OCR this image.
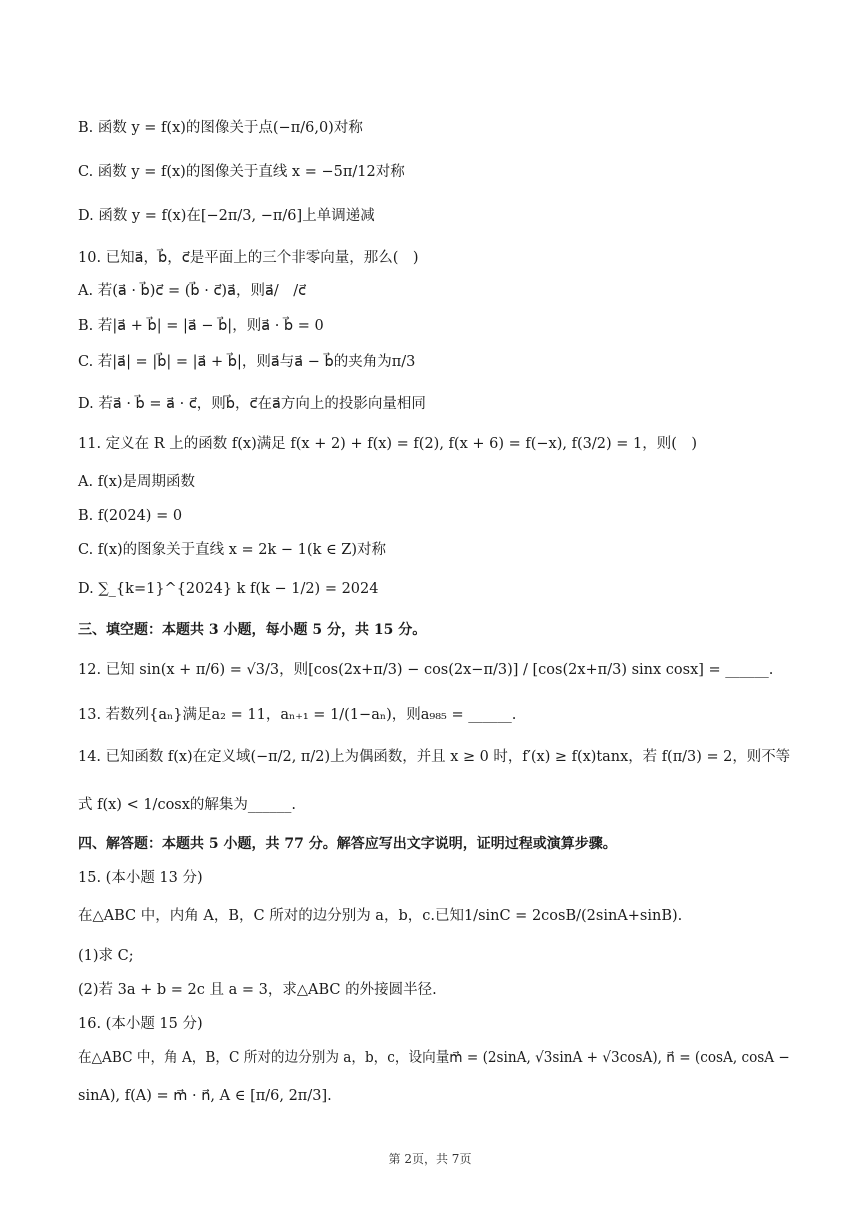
B. 函数 y = f(x)的图像关于点(−π/6,0)对称
C. 函数 y = f(x)的图像关于直线 x = −5π/12对称
D. 函数 y = f(x)在[−2π/3, −π/6]上单调递减
10. 已知a⃗，b⃗，c⃗是平面上的三个非零向量，那么(　)
A. 若(a⃗ · b⃗)c⃗ = (b⃗ · c⃗)a⃗，则a⃗/　/c⃗
B. 若|a⃗ + b⃗| = |a⃗ − b⃗|，则a⃗ · b⃗ = 0
C. 若|a⃗| = |b⃗| = |a⃗ + b⃗|，则a⃗与a⃗ − b⃗的夹角为π/3
D. 若a⃗ · b⃗ = a⃗ · c⃗，则b⃗，c⃗在a⃗方向上的投影向量相同
11. 定义在 R 上的函数 f(x)满足 f(x + 2) + f(x) = f(2), f(x + 6) = f(−x), f(3/2) = 1，则(　)
A. f(x)是周期函数
B. f(2024) = 0
C. f(x)的图象关于直线 x = 2k − 1(k ∈ Z)对称
D. ∑_{k=1}^{2024} k f(k − 1/2) = 2024
三、填空题：本题共 3 小题，每小题 5 分，共 15 分。
12. 已知 sin(x + π/6) = √3/3，则[cos(2x+π/3) − cos(2x−π/3)] / [cos(2x+π/3) sinx cosx] = ______.
13. 若数列{aₙ}满足a₂ = 11，aₙ₊₁ = 1/(1−aₙ)，则a₉₈₅ = ______.
14. 已知函数 f(x)在定义域(−π/2, π/2)上为偶函数，并且 x ≥ 0 时，f′(x) ≥ f(x)tanx，若 f(π/3) = 2，则不等
式 f(x) < 1/cosx的解集为______.
四、解答题：本题共 5 小题，共 77 分。解答应写出文字说明，证明过程或演算步骤。
15. (本小题 13 分)
在△ABC 中，内角 A，B，C 所对的边分别为 a，b，c.已知1/sinC = 2cosB/(2sinA+sinB).
(1)求 C;
(2)若 3a + b = 2c 且 a = 3，求△ABC 的外接圆半径.
16. (本小题 15 分)
在△ABC 中，角 A，B，C 所对的边分别为 a，b，c，设向量m⃗ = (2sinA, √3sinA + √3cosA), n⃗ = (cosA, cosA −
sinA), f(A) = m⃗ · n⃗, A ∈ [π/6, 2π/3].
第 2页，共 7页
